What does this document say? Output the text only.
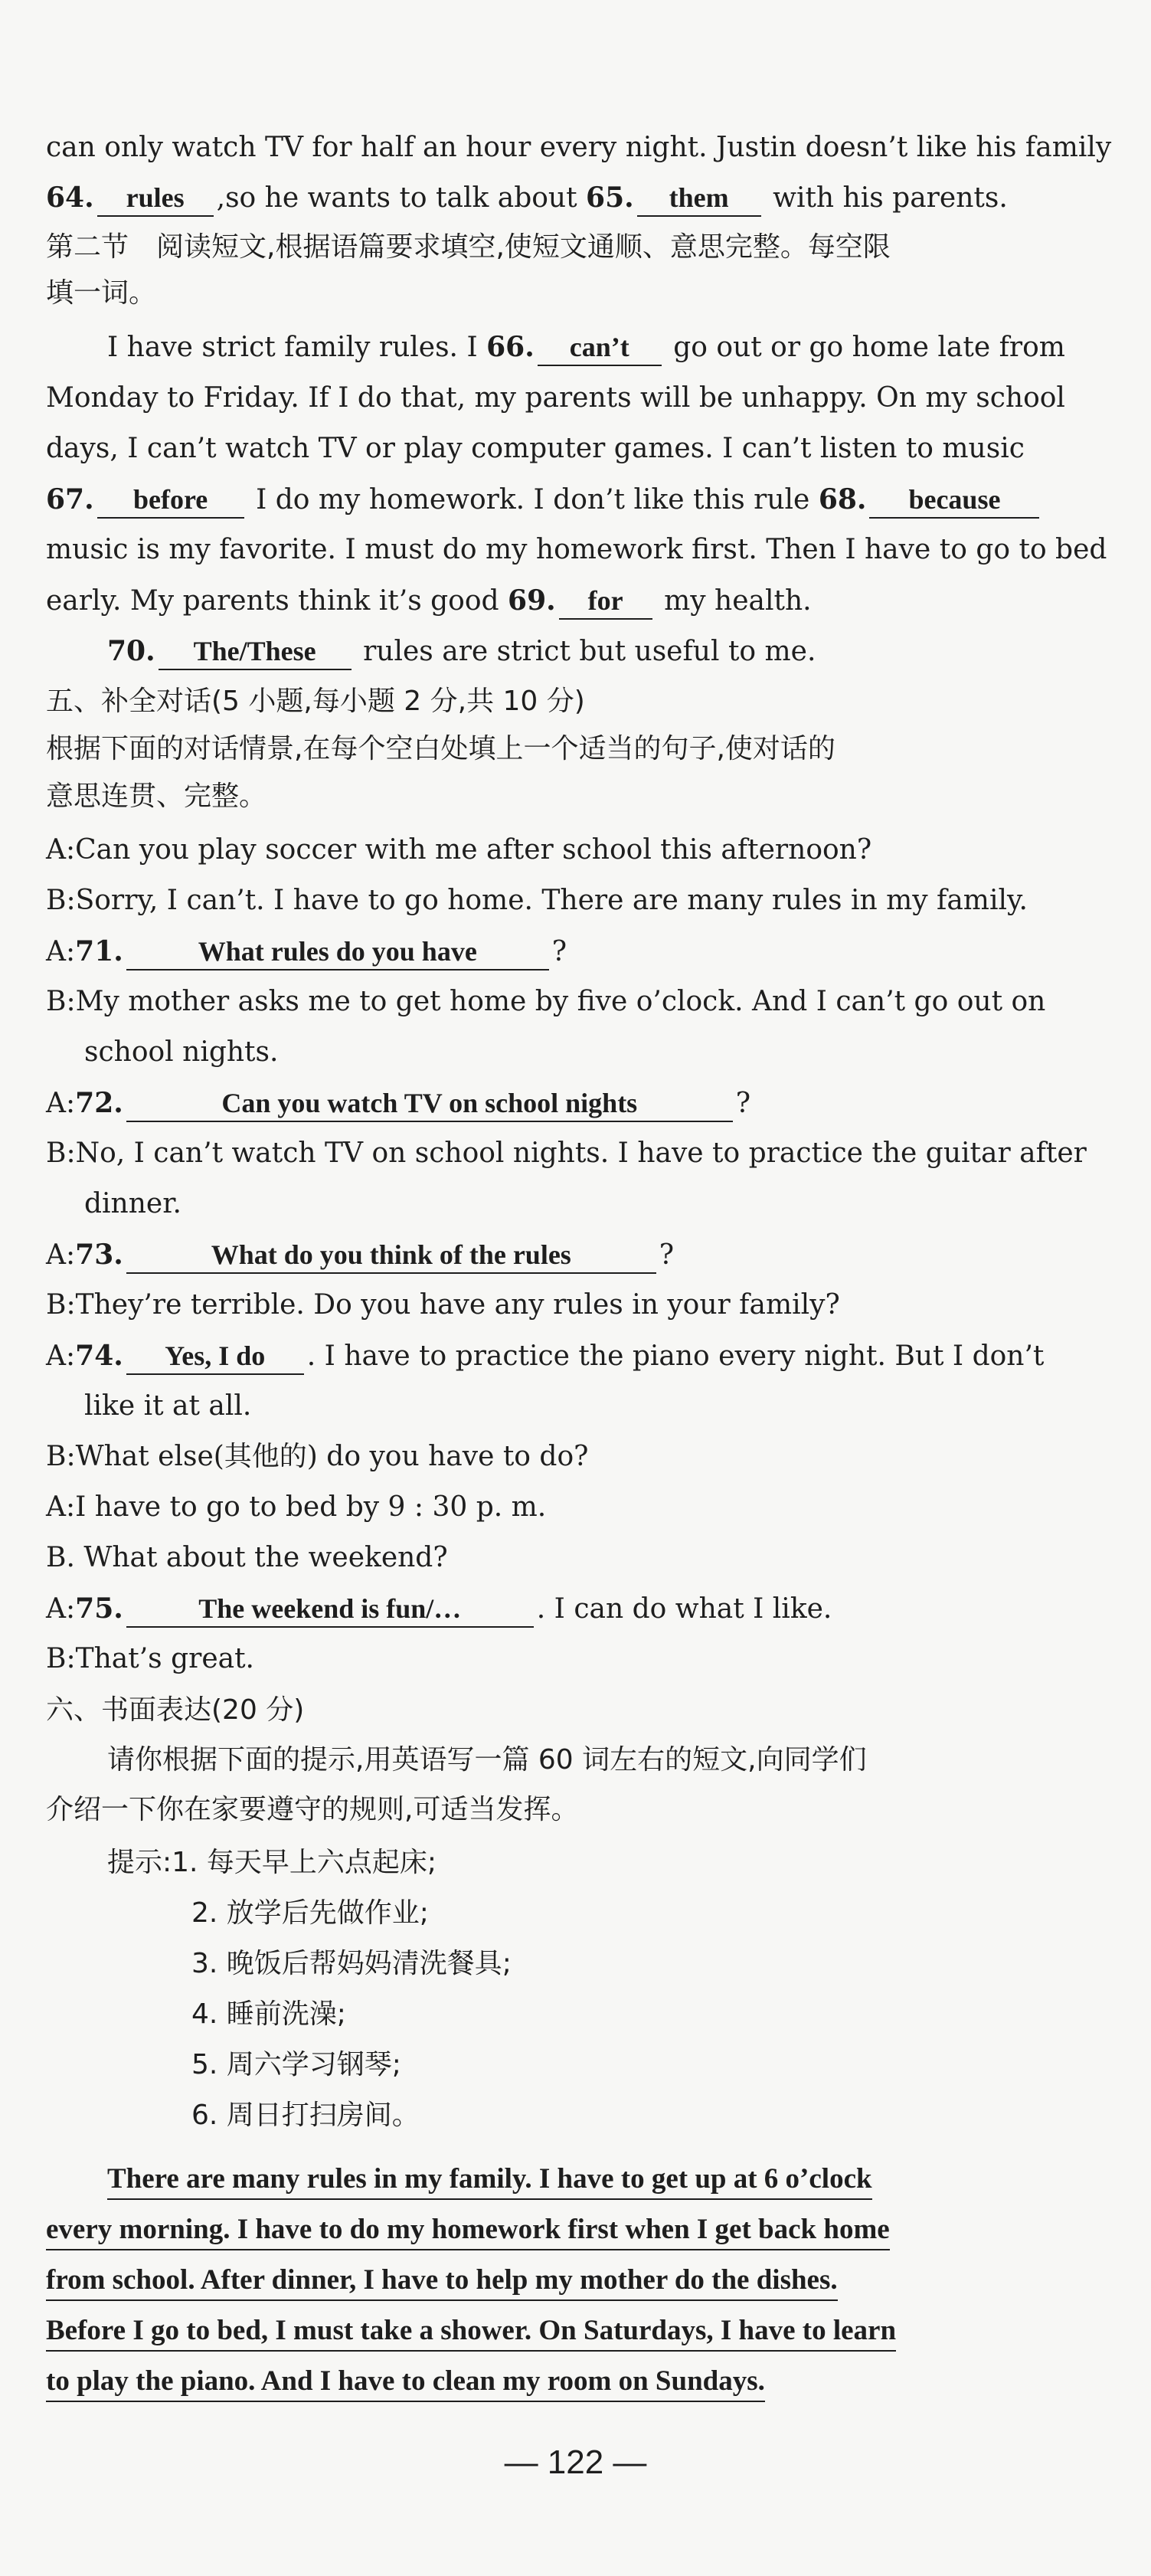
can only watch TV for half an hour every night. Justin doesn’t like his family
64. rules ,so he wants to talk about 65. them with his parents.
第二节　阅读短文,根据语篇要求填空,使短文通顺、意思完整。每空限
填一词。
I have strict family rules. I 66. can’t go out or go home late from
Monday to Friday. If I do that, my parents will be unhappy. On my school
days, I can’t watch TV or play computer games. I can’t listen to music
67. before I do my homework. I don’t like this rule 68. because
music is my favorite. I must do my homework first. Then I have to go to bed
early. My parents think it’s good 69. for my health.
70. The/These rules are strict but useful to me.
五、补全对话(5 小题,每小题 2 分,共 10 分)
根据下面的对话情景,在每个空白处填上一个适当的句子,使对话的
意思连贯、完整。
A:Can you play soccer with me after school this afternoon?
B:Sorry, I can’t. I have to go home. There are many rules in my family.
A:71.	What rules do you have	?
B:My mother asks me to get home by five o’clock. And I can’t go out on
school nights.
A:72.	Can you watch TV on school nights	?
B:No, I can’t watch TV on school nights. I have to practice the guitar after
dinner.
A:73.	What do you think of the rules	?
B:They’re terrible. Do you have any rules in your family?
A:74. Yes, I do . I have to practice the piano every night. But I don’t
like it at all.
B:What else(其他的) do you have to do?
A:I have to go to bed by 9 : 30 p. m.
B. What about the weekend?
A:75.	The weekend is fun/…	. I can do what I like.
B:That’s great.
六、书面表达(20 分)
请你根据下面的提示,用英语写一篇 60 词左右的短文,向同学们
介绍一下你在家要遵守的规则,可适当发挥。
提示:1. 每天早上六点起床;
2. 放学后先做作业;
3. 晚饭后帮妈妈清洗餐具;
4. 睡前洗澡;
5. 周六学习钢琴;
6. 周日打扫房间。
There are many rules in my family. I have to get up at 6 o’clock
every morning. I have to do my homework first when I get back home
from school. After dinner, I have to help my mother do the dishes.
Before I go to bed, I must take a shower. On Saturdays, I have to learn
to play the piano. And I have to clean my room on Sundays.
— 122 —
